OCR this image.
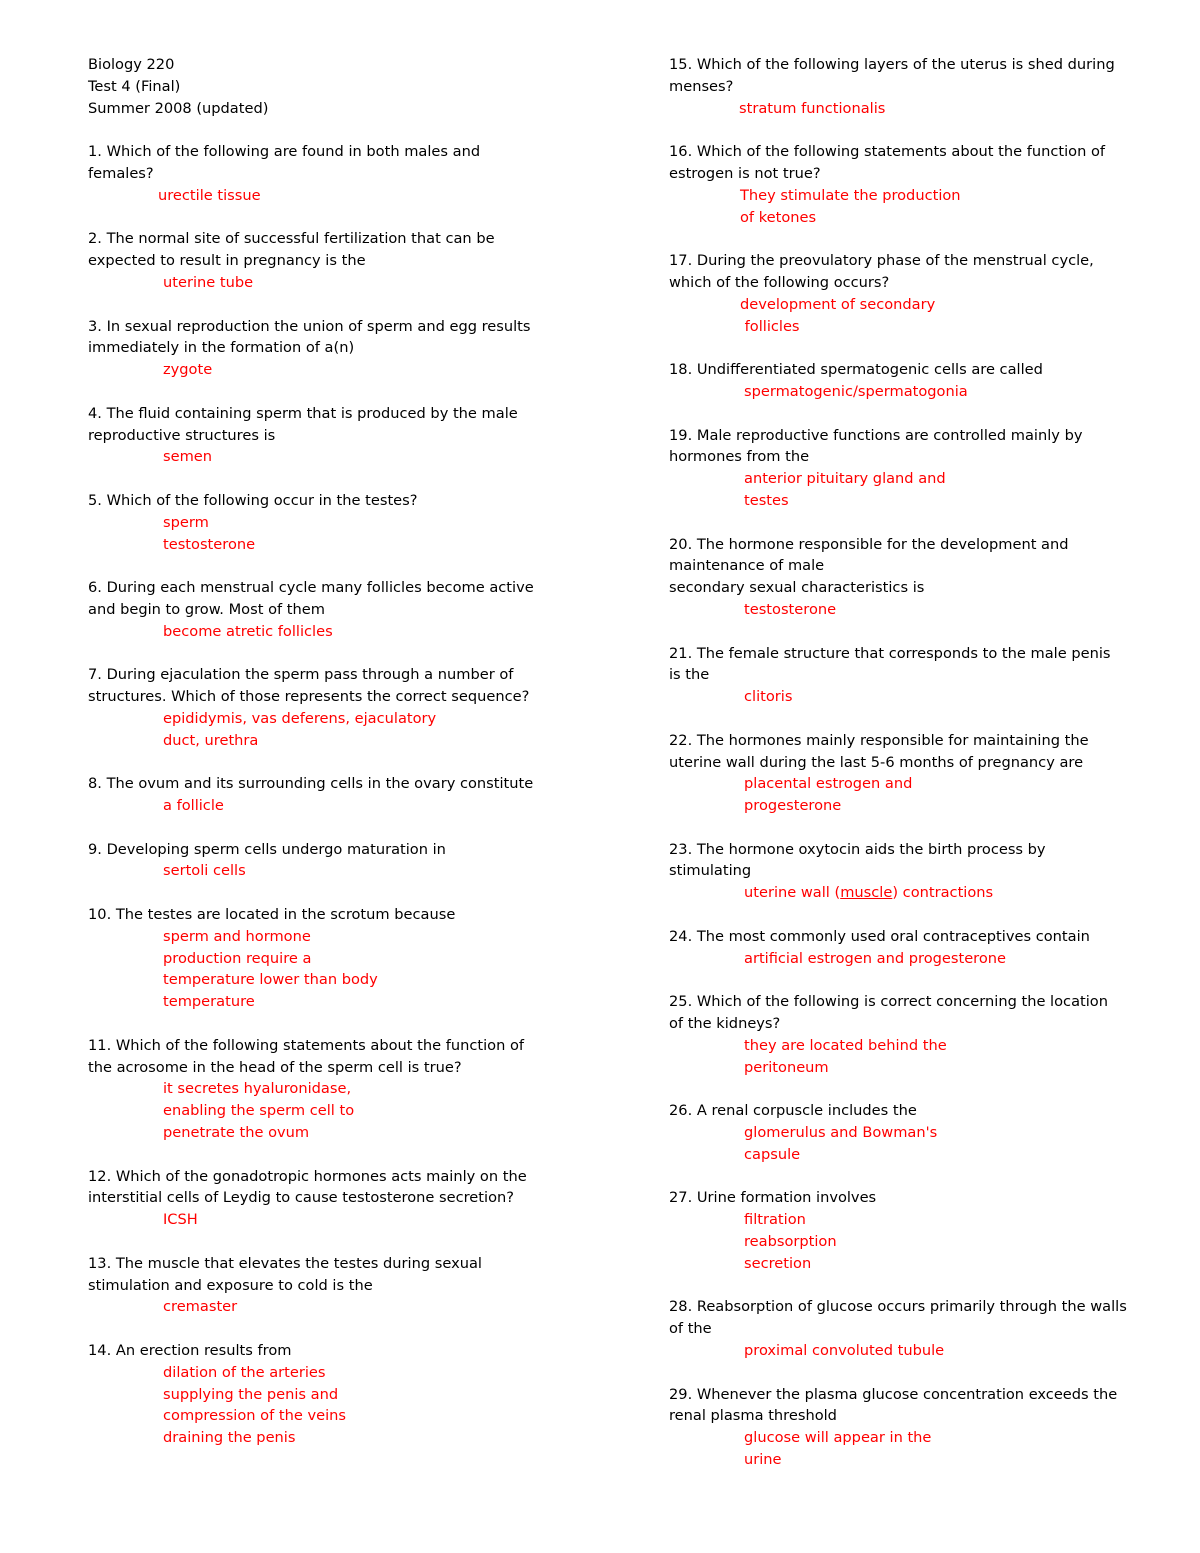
Biology 220
Test 4 (Final)
Summer 2008 (updated)
1. Which of the following are found in both males and
females?
urectile tissue
2. The normal site of successful fertilization that can be
expected to result in pregnancy is the
uterine tube
3. In sexual reproduction the union of sperm and egg results
immediately in the formation of a(n)
zygote
4. The fluid containing sperm that is produced by the male
reproductive structures is
semen
5. Which of the following occur in the testes?
sperm
testosterone
6. During each menstrual cycle many follicles become active
and begin to grow. Most of them
become atretic follicles
7. During ejaculation the sperm pass through a number of
structures. Which of those represents the correct sequence?
epididymis, vas deferens, ejaculatory
duct, urethra
8. The ovum and its surrounding cells in the ovary constitute
a follicle
9. Developing sperm cells undergo maturation in
sertoli cells
10. The testes are located in the scrotum because
sperm and hormone
production require a
temperature lower than body
temperature
11. Which of the following statements about the function of
the acrosome in the head of the sperm cell is true?
it secretes hyaluronidase,
enabling the sperm cell to
penetrate the ovum
12. Which of the gonadotropic hormones acts mainly on the
interstitial cells of Leydig to cause testosterone secretion?
ICSH
13. The muscle that elevates the testes during sexual
stimulation and exposure to cold is the
cremaster
14. An erection results from
dilation of the arteries
supplying the penis and
compression of the veins
draining the penis
15. Which of the following layers of the uterus is shed during
menses?
stratum functionalis
16. Which of the following statements about the function of
estrogen is not true?
They stimulate the production
of ketones
17. During the preovulatory phase of the menstrual cycle,
which of the following occurs?
development of secondary
follicles
18. Undifferentiated spermatogenic cells are called
spermatogenic/spermatogonia
19. Male reproductive functions are controlled mainly by
hormones from the
anterior pituitary gland and
testes
20. The hormone responsible for the development and
maintenance of male
secondary sexual characteristics is
testosterone
21. The female structure that corresponds to the male penis
is the
clitoris
22. The hormones mainly responsible for maintaining the
uterine wall during the last 5-6 months of pregnancy are
placental estrogen and
progesterone
23. The hormone oxytocin aids the birth process by
stimulating
uterine wall (muscle) contractions
24. The most commonly used oral contraceptives contain
artificial estrogen and progesterone
25. Which of the following is correct concerning the location
of the kidneys?
they are located behind the
peritoneum
26. A renal corpuscle includes the
glomerulus and Bowman's
capsule
27. Urine formation involves
filtration
reabsorption
secretion
28. Reabsorption of glucose occurs primarily through the walls
of the
proximal convoluted tubule
29. Whenever the plasma glucose concentration exceeds the
renal plasma threshold
glucose will appear in the
urine
